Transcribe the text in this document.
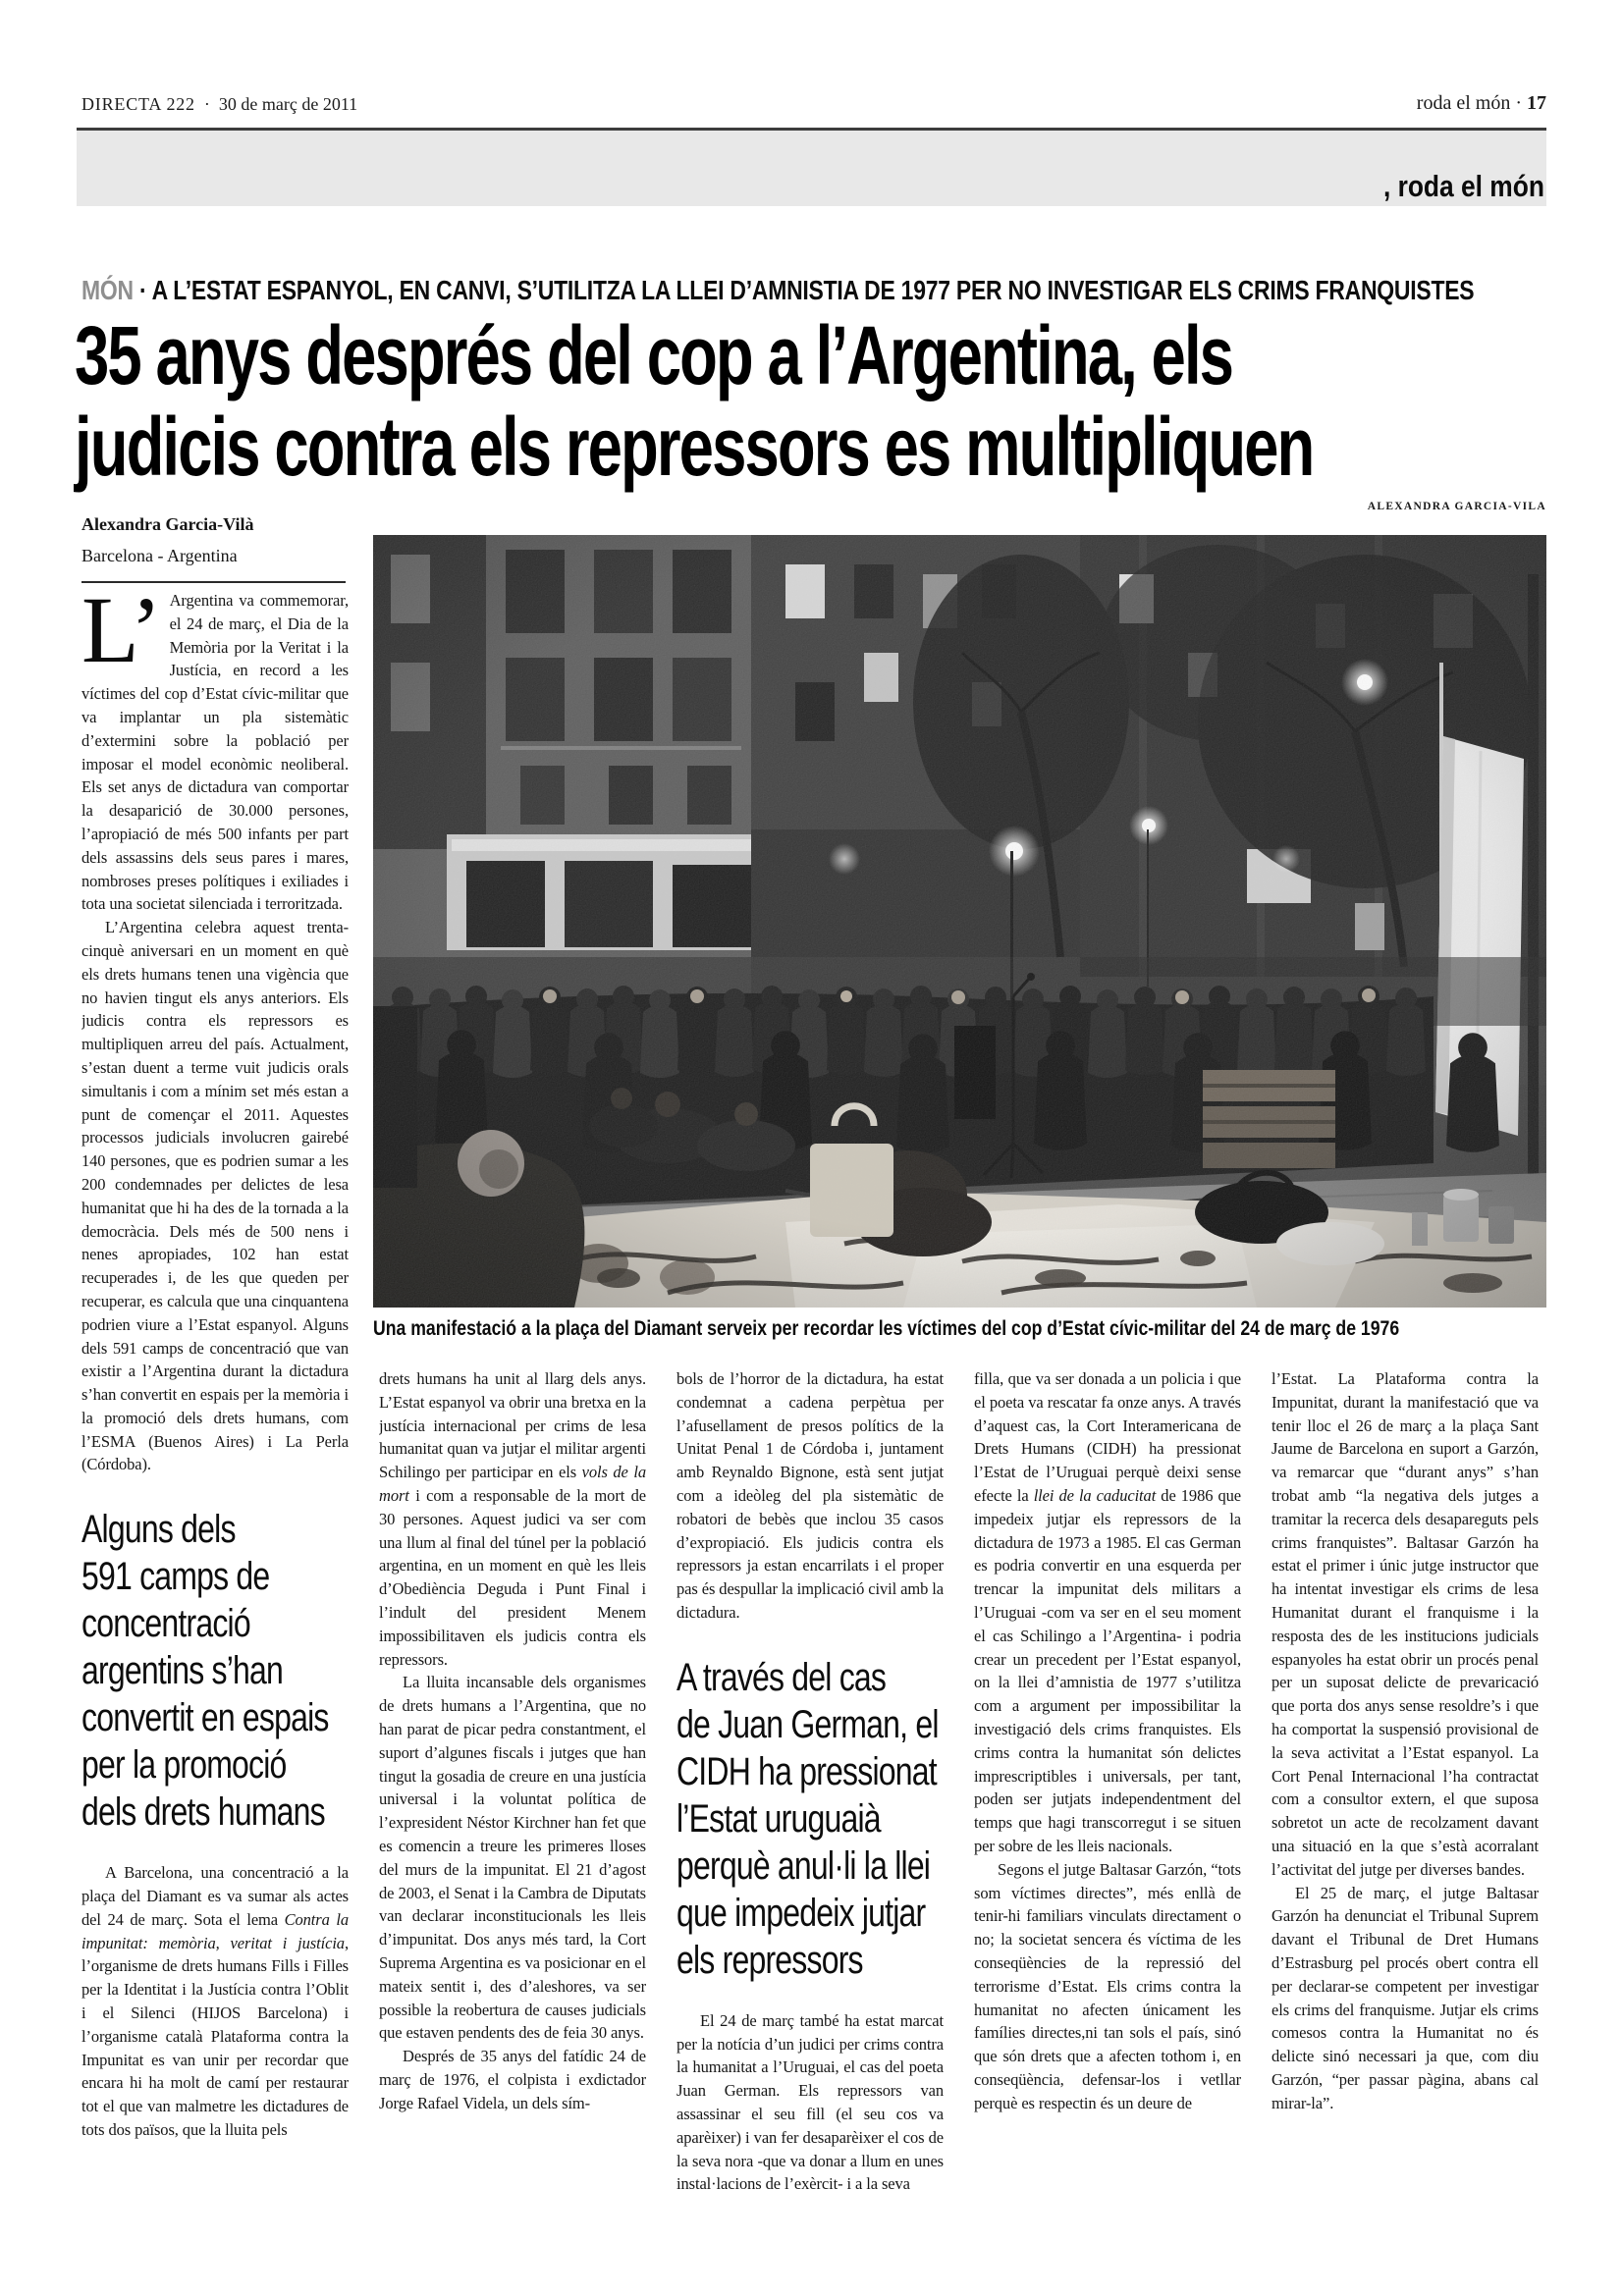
DIRECTA 222  ·  30 de març de 2011	roda el món · 17
, roda el món
MÓN · A L’ESTAT ESPANYOL, EN CANVI, S’UTILITZA LA LLEI D’AMNISTIA DE 1977 PER NO INVESTIGAR ELS CRIMS FRANQUISTES
35 anys després del cop a l’Argentina, els
judicis contra els repressors es multipliquen
Alexandra Garcia-Vilà
Barcelona - Argentina
ALEXANDRA GARCIA-VILA
Una manifestació a la plaça del Diamant serveix per recordar les víctimes del cop d’Estat cívic-militar del 24 de març de 1976

L’ Argentina va commemorar, el 24 de març, el Dia de la Memòria por la Veritat i la Justícia, en record a les víctimes del cop d’Estat cívic-militar que va implantar un pla sistemàtic d’extermini sobre la població per imposar el model econòmic neoliberal. Els set anys de dictadura van comportar la desaparició de 30.000 persones, l’apropiació de més 500 infants per part dels assassins dels seus pares i mares, nombroses preses polítiques i exiliades i tota una societat silenciada i terroritzada.

L’Argentina celebra aquest trenta-cinquè aniversari en un moment en què els drets humans tenen una vigència que no havien tingut els anys anteriors. Els judicis contra els repressors es multipliquen arreu del país. Actualment, s’estan duent a terme vuit judicis orals simultanis i com a mínim set més estan a punt de començar el 2011. Aquestes processos judicials involucren gairebé 140 persones, que es podrien sumar a les 200 condemnades per delictes de lesa humanitat que hi ha des de la tornada a la democràcia. Dels més de 500 nens i nenes apropiades, 102 han estat recuperades i, de les que queden per recuperar, es calcula que una cinquantena podrien viure a l’Estat espanyol. Alguns dels 591 camps de concentració que van existir a l’Argentina durant la dictadura s’han convertit en espais per la memòria i la promoció dels drets humans, com l’ESMA (Buenos Aires) i La Perla (Córdoba).

Alguns dels
591 camps de
concentració
argentins s’han
convertit en espais
per la promoció
dels drets humans

A Barcelona, una concentració a la plaça del Diamant es va sumar als actes del 24 de març. Sota el lema Contra la impunitat: memòria, veritat i justícia, l’organisme de drets humans Fills i Filles per la Identitat i la Justícia contra l’Oblit i el Silenci (HIJOS Barcelona) i l’organisme català Plataforma contra la Impunitat es van unir per recordar que encara hi ha molt de camí per restaurar tot el que van malmetre les dictadures de tots dos països, que la lluita pels

drets humans ha unit al llarg dels anys. L’Estat espanyol va obrir una bretxa en la justícia internacional per crims de lesa humanitat quan va jutjar el militar argenti Schilingo per participar en els vols de la mort i com a responsable de la mort de 30 persones. Aquest judici va ser com una llum al final del túnel per la població argentina, en un moment en què les lleis d’Obediència Deguda i Punt Final i l’indult del president Menem impossibilitaven els judicis contra els repressors.

La lluita incansable dels organismes de drets humans a l’Argentina, que no han parat de picar pedra constantment, el suport d’algunes fiscals i jutges que han tingut la gosadia de creure en una justícia universal i la voluntat política de l’expresident Néstor Kirchner han fet que es comencin a treure les primeres lloses del murs de la impunitat. El 21 d’agost de 2003, el Senat i la Cambra de Diputats van declarar inconstitucionals les lleis d’impunitat. Dos anys més tard, la Cort Suprema Argentina es va posicionar en el mateix sentit i, des d’aleshores, va ser possible la reobertura de causes judicials que estaven pendents des de feia 30 anys.

Després de 35 anys del fatídic 24 de març de 1976, el colpista i exdictador Jorge Rafael Videla, un dels sím-

bols de l’horror de la dictadura, ha estat condemnat a cadena perpètua per l’afusellament de presos polítics de la Unitat Penal 1 de Córdoba i, juntament amb Reynaldo Bignone, està sent jutjat com a ideòleg del pla sistemàtic de robatori de bebès que inclou 35 casos d’expropiació. Els judicis contra els repressors ja estan encarrilats i el proper pas és despullar la implicació civil amb la dictadura.

A través del cas
de Juan German, el
CIDH ha pressionat
l’Estat uruguaià
perquè anul·li la llei
que impedeix jutjar
els repressors

El 24 de març també ha estat marcat per la notícia d’un judici per crims contra la humanitat a l’Uruguai, el cas del poeta Juan German. Els repressors van assassinar el seu fill (el seu cos va aparèixer) i van fer desaparèixer el cos de la seva nora -que va donar a llum en unes instal·lacions de l’exèrcit- i a la seva

filla, que va ser donada a un policia i que el poeta va rescatar fa onze anys. A través d’aquest cas, la Cort Interamericana de Drets Humans (CIDH) ha pressionat l’Estat de l’Uruguai perquè deixi sense efecte la llei de la caducitat de 1986 que impedeix jutjar els repressors de la dictadura de 1973 a 1985. El cas German es podria convertir en una esquerda per trencar la impunitat dels militars a l’Uruguai -com va ser en el seu moment el cas Schilingo a l’Argentina- i podria crear un precedent per l’Estat espanyol, on la llei d’amnistia de 1977 s’utilitza com a argument per impossibilitar la investigació dels crims franquistes. Els crims contra la humanitat són delictes imprescriptibles i universals, per tant, poden ser jutjats independentment del temps que hagi transcorregut i se situen per sobre de les lleis nacionals.

Segons el jutge Baltasar Garzón, “tots som víctimes directes”, més enllà de tenir-hi familiars vinculats directament o no; la societat sencera és víctima de les conseqüències de la repressió del terrorisme d’Estat. Els crims contra la humanitat no afecten únicament les famílies directes,ni tan sols el país, sinó que són drets que a afecten tothom i, en conseqüència, defensar-los i vetllar perquè es respectin és un deure de

l’Estat. La Plataforma contra la Impunitat, durant la manifestació que va tenir lloc el 26 de març a la plaça Sant Jaume de Barcelona en suport a Garzón, va remarcar que “durant anys” s’han trobat amb “la negativa dels jutges a tramitar la recerca dels desapareguts pels crims franquistes”. Baltasar Garzón ha estat el primer i únic jutge instructor que ha intentat investigar els crims de lesa Humanitat durant el franquisme i la resposta des de les institucions judicials espanyoles ha estat obrir un procés penal per un suposat delicte de prevaricació que porta dos anys sense resoldre’s i que ha comportat la suspensió provisional de la seva activitat a l’Estat espanyol. La Cort Penal Internacional l’ha contractat com a consultor extern, el que suposa sobretot un acte de recolzament davant una situació en la que s’està acorralant l’activitat del jutge per diverses bandes.

El 25 de març, el jutge Baltasar Garzón ha denunciat el Tribunal Suprem davant el Tribunal de Dret Humans d’Estrasburg pel procés obert contra ell per declarar-se competent per investigar els crims del franquisme. Jutjar els crims comesos contra la Humanitat no és delicte sinó necessari ja que, com diu Garzón, “per passar pàgina, abans cal mirar-la”.
